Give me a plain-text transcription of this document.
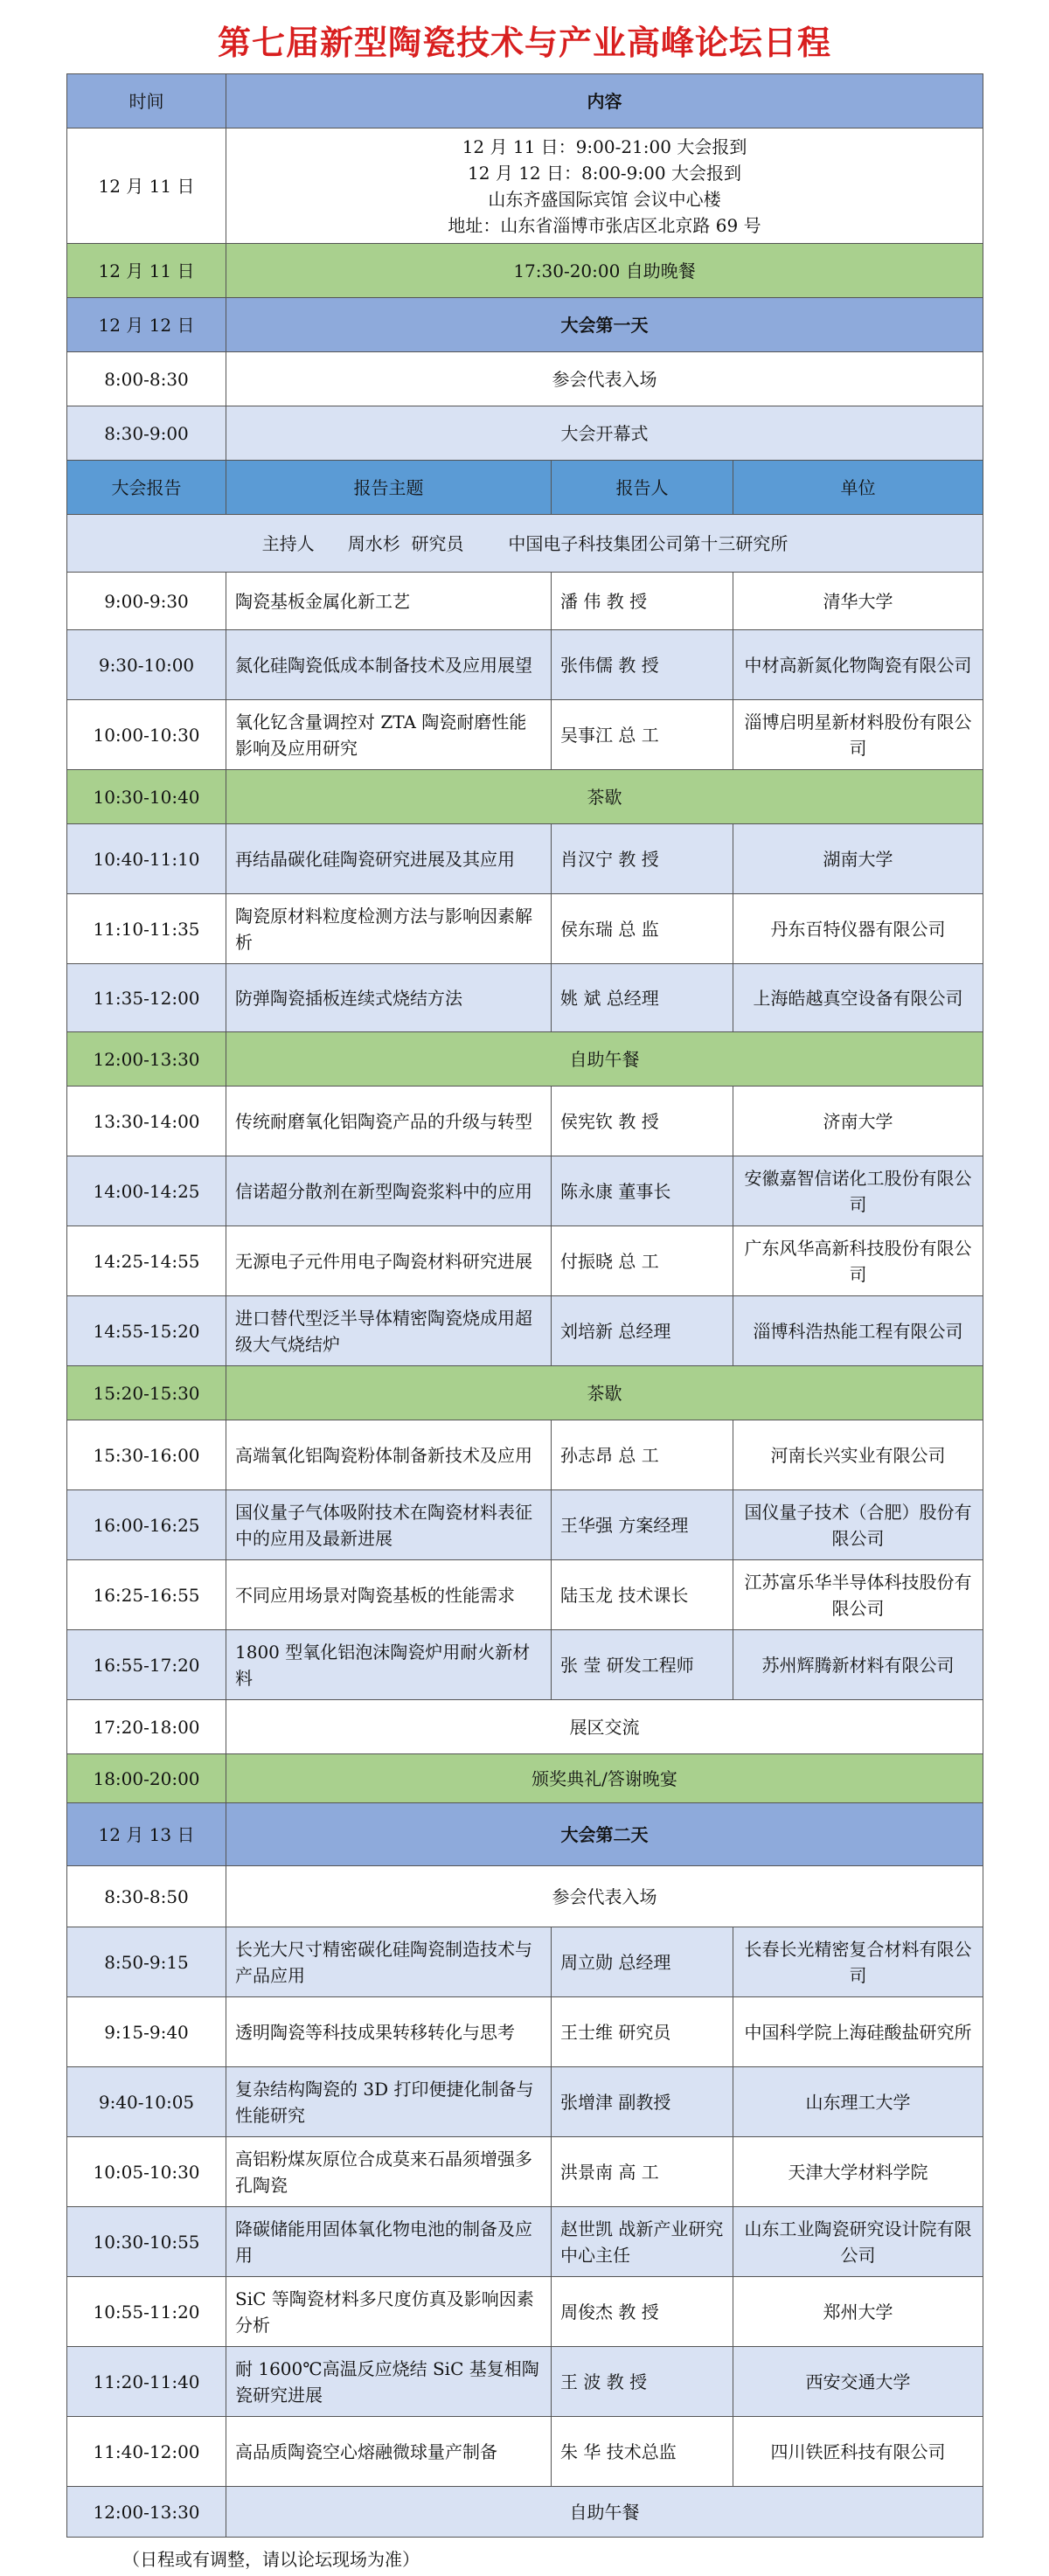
第七届新型陶瓷技术与产业高峰论坛日程
时间	内容		
12 月 11 日	12 月 11 日：9:00-21:00 大会报到
12 月 12 日：8:00-9:00 大会报到
山东齐盛国际宾馆 会议中心楼
地址：山东省淄博市张店区北京路 69 号		

12 月 11 日	17:30-20:00 自助晚餐		
12 月 12 日	大会第一天		
8:00-8:30	参会代表入场		
8:30-9:00	大会开幕式		
大会报告	报告主题	报告人	单位
主持人      周水杉  研究员        中国电子科技集团公司第十三研究所			
9:00-9:30	陶瓷基板金属化新工艺	潘 伟 教 授	清华大学
9:30-10:00	氮化硅陶瓷低成本制备技术及应用展望	张伟儒 教 授	中材高新氮化物陶瓷有限公司
10:00-10:30	氧化钇含量调控对 ZTA 陶瓷耐磨性能影响及应用研究	吴事江 总 工	淄博启明星新材料股份有限公司
10:30-10:40	茶歇		
10:40-11:10	再结晶碳化硅陶瓷研究进展及其应用	肖汉宁 教 授	湖南大学
11:10-11:35	陶瓷原材料粒度检测方法与影响因素解析	侯东瑞 总 监	丹东百特仪器有限公司
11:35-12:00	防弹陶瓷插板连续式烧结方法	姚 斌 总经理	上海皓越真空设备有限公司
12:00-13:30	自助午餐		
13:30-14:00	传统耐磨氧化铝陶瓷产品的升级与转型	侯宪钦 教 授	济南大学
14:00-14:25	信诺超分散剂在新型陶瓷浆料中的应用	陈永康 董事长	安徽嘉智信诺化工股份有限公司
14:25-14:55	无源电子元件用电子陶瓷材料研究进展	付振晓 总 工	广东风华高新科技股份有限公司
14:55-15:20	进口替代型泛半导体精密陶瓷烧成用超级大气烧结炉	刘培新 总经理	淄博科浩热能工程有限公司
15:20-15:30	茶歇		
15:30-16:00	高端氧化铝陶瓷粉体制备新技术及应用	孙志昂 总 工	河南长兴实业有限公司
16:00-16:25	国仪量子气体吸附技术在陶瓷材料表征中的应用及最新进展	王华强 方案经理	国仪量子技术（合肥）股份有限公司
16:25-16:55	不同应用场景对陶瓷基板的性能需求	陆玉龙 技术课长	江苏富乐华半导体科技股份有限公司
16:55-17:20	1800 型氧化铝泡沫陶瓷炉用耐火新材料	张 莹 研发工程师	苏州辉腾新材料有限公司
17:20-18:00	展区交流		
18:00-20:00	颁奖典礼/答谢晚宴		
12 月 13 日	大会第二天		
8:30-8:50	参会代表入场		
8:50-9:15	长光大尺寸精密碳化硅陶瓷制造技术与产品应用	周立勋 总经理	长春长光精密复合材料有限公司
9:15-9:40	透明陶瓷等科技成果转移转化与思考	王士维 研究员	中国科学院上海硅酸盐研究所
9:40-10:05	复杂结构陶瓷的 3D 打印便捷化制备与性能研究	张增津 副教授	山东理工大学
10:05-10:30	高铝粉煤灰原位合成莫来石晶须增强多孔陶瓷	洪景南 高 工	天津大学材料学院
10:30-10:55	降碳储能用固体氧化物电池的制备及应用	赵世凯 战新产业研究中心主任	山东工业陶瓷研究设计院有限公司
10:55-11:20	SiC 等陶瓷材料多尺度仿真及影响因素分析	周俊杰 教 授	郑州大学
11:20-11:40	耐 1600℃高温反应烧结 SiC 基复相陶瓷研究进展	王 波 教 授	西安交通大学
11:40-12:00	高品质陶瓷空心熔融微球量产制备	朱 华 技术总监	四川铁匠科技有限公司
12:00-13:30	自助午餐		
（日程或有调整，请以论坛现场为准）
